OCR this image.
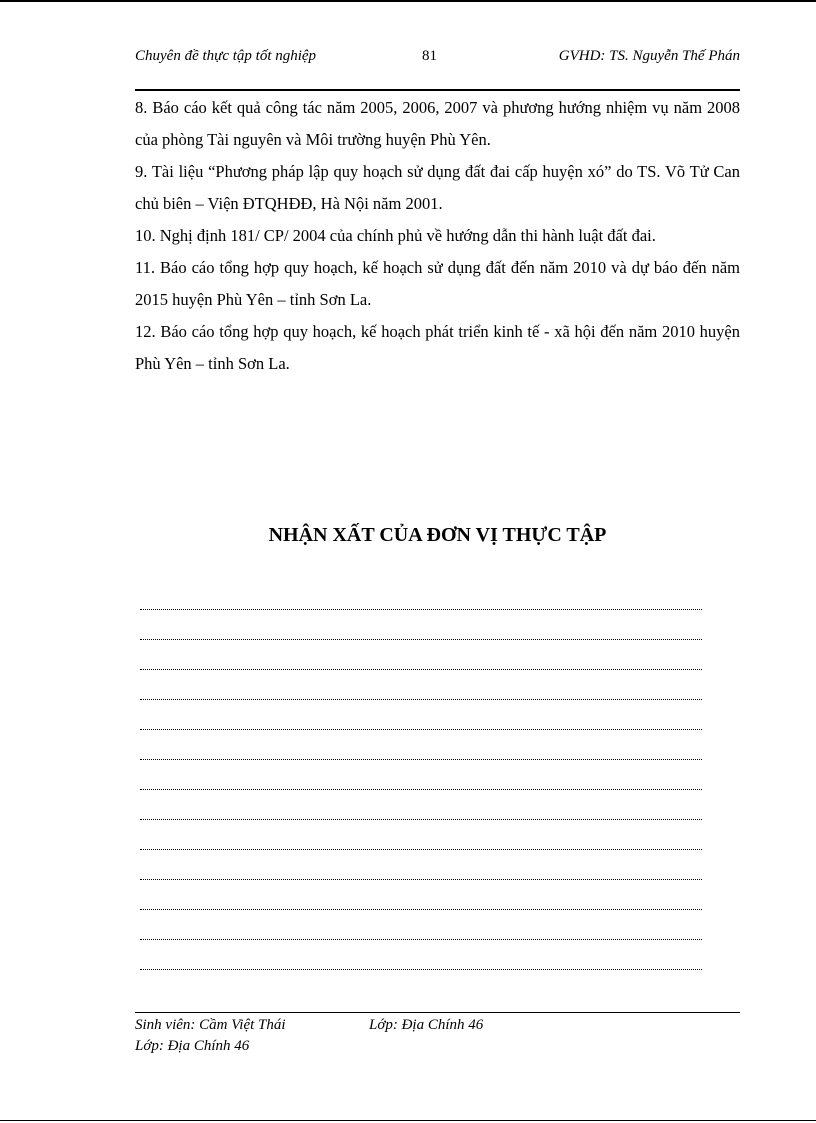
Chuyên đề thực tập tốt nghiệp	81	GVHD: TS. Nguyễn Thế Phán

8. Báo cáo kết quả công tác năm 2005, 2006, 2007 và phương hướng nhiệm vụ năm 2008 của phòng Tài nguyên và Môi trường huyện Phù Yên.

9. Tài liệu “Phương pháp lập quy hoạch sử dụng đất đai cấp huyện xó” do TS. Võ Tử Can chủ biên – Viện ĐTQHĐĐ, Hà Nội năm 2001.

10. Nghị định 181/ CP/ 2004 của chính phủ về hướng dẫn thi hành luật đất đai.

11. Báo cáo tổng hợp quy hoạch, kế hoạch sử dụng đất đến năm 2010 và dự báo đến năm 2015 huyện Phù Yên – tỉnh Sơn La.

12. Báo cáo tổng hợp quy hoạch, kế hoạch phát triển kinh tế - xã hội đến năm 2010 huyện Phù Yên – tỉnh Sơn La.

NHẬN XẤT CỦA ĐƠN VỊ THỰC TẬP
Sinh viên: Cầm Việt Thái	Lớp: Địa Chính 46
Lớp: Địa Chính 46
